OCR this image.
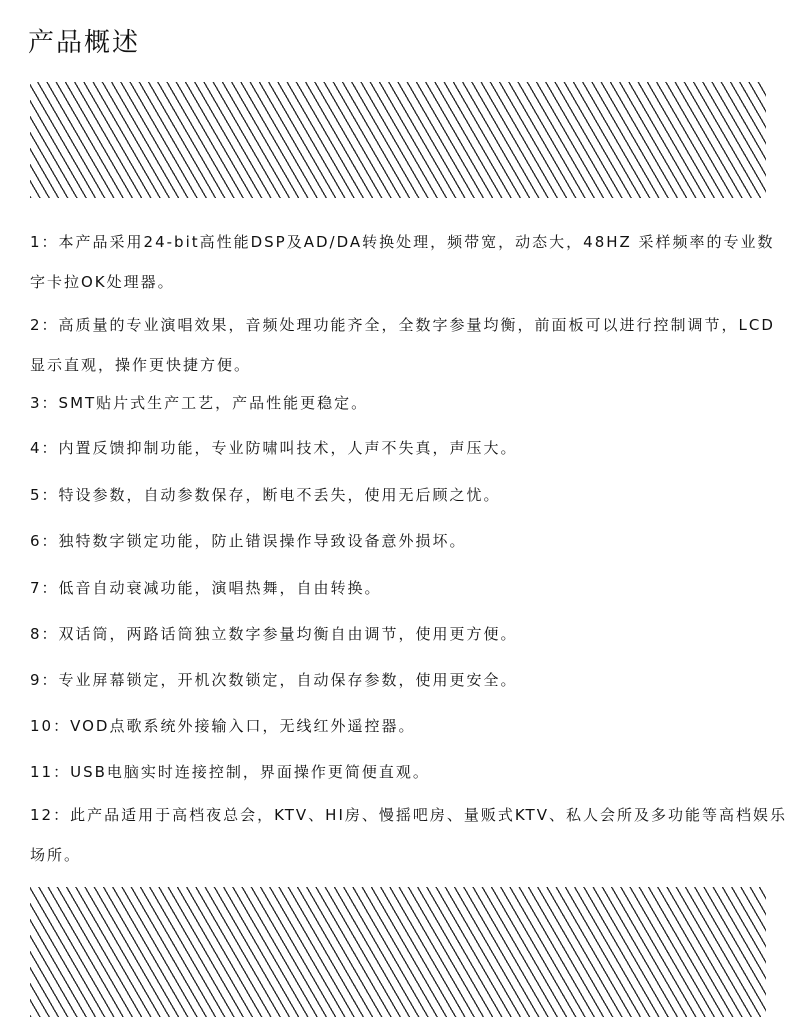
产品概述
1：本产品采用24-bit高性能DSP及AD/DA转换处理，频带宽，动态大，48HZ 采样频率的专业数字卡拉OK处理器。
2：高质量的专业演唱效果，音频处理功能齐全，全数字参量均衡，前面板可以进行控制调节，LCD显示直观，操作更快捷方便。
3：SMT贴片式生产工艺，产品性能更稳定。
4：内置反馈抑制功能，专业防啸叫技术，人声不失真，声压大。
5：特设参数，自动参数保存，断电不丢失，使用无后顾之忧。
6：独特数字锁定功能，防止错误操作导致设备意外损坏。
7：低音自动衰减功能，演唱热舞，自由转换。
8：双话筒，两路话筒独立数字参量均衡自由调节，使用更方便。
9：专业屏幕锁定，开机次数锁定，自动保存参数，使用更安全。
10：VOD点歌系统外接输入口，无线红外遥控器。
11：USB电脑实时连接控制，界面操作更简便直观。
12：此产品适用于高档夜总会，KTV、HI房、慢摇吧房、量贩式KTV、私人会所及多功能等高档娱乐场所。
